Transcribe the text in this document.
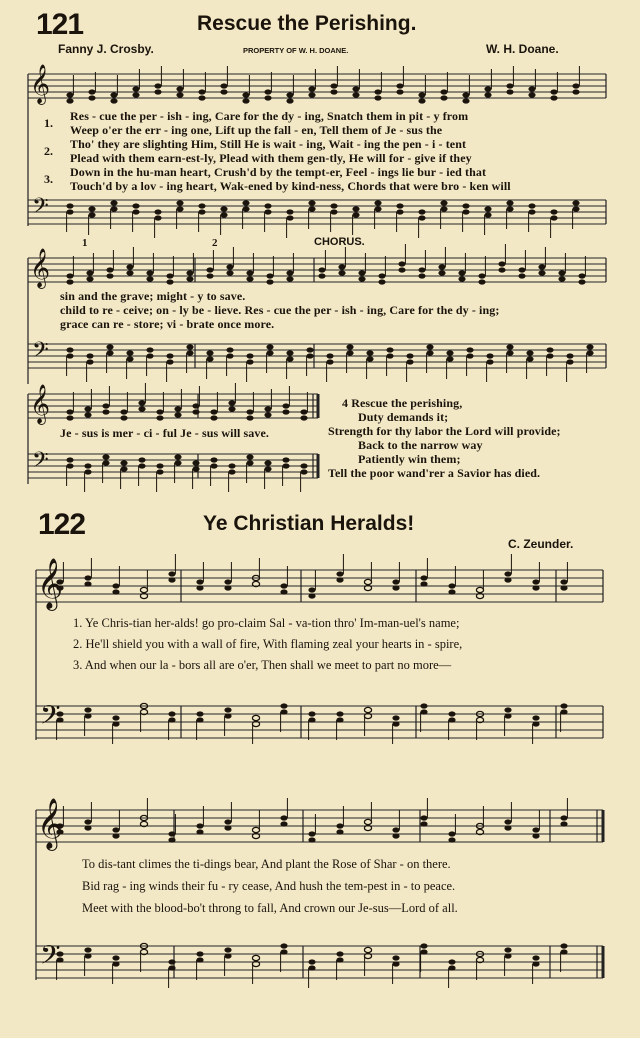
121	Rescue the Perishing.
Fanny J. Crosby.	PROPERTY OF W. H. DOANE.	W. H. Doane.
𝄞
𝄢
𝄞
𝄢
𝄞
𝄢
𝄞
𝄢
𝄞
𝄢
1.
2.
3.
Res - cue the per - ish - ing, Care for the dy - ing, Snatch them in pit - y from
Weep o'er the err - ing one, Lift up the fall - en, Tell them of Je - sus the
Tho' they are slighting Him, Still He is wait - ing, Wait - ing the pen - i - tent
Plead with them earn-est-ly, Plead with them gen-tly, He will for - give if they
Down in the hu-man heart, Crush'd by the tempt-er, Feel - ings lie bur - ied that
Touch'd by a lov - ing heart, Wak-ened by kind-ness, Chords that were bro - ken will
1	2	CHORUS.
sin and the grave; might - y to save.
child to re - ceive; on - ly be - lieve. Res - cue the per - ish - ing, Care for the dy - ing;
grace can re - store; vi - brate once more.
Je - sus is mer - ci - ful Je - sus will save.
4 Rescue the perishing,
Duty demands it;
Strength for thy labor the Lord will provide;
Back to the narrow way
Patiently win them;
Tell the poor wand'rer a Savior has died.
122	Ye Christian Heralds!
C. Zeunder.
1. Ye Chris-tian her-alds! go pro-claim Sal - va-tion thro' Im-man-uel's name;
2. He'll shield you with a wall of fire, With flaming zeal your hearts in - spire,
3. And when our la - bors all are o'er, Then shall we meet to part no more—
To dis-tant climes the ti-dings bear, And plant the Rose of Shar - on there.
Bid rag - ing winds their fu - ry cease, And hush the tem-pest in - to peace.
Meet with the blood-bo't throng to fall, And crown our Je-sus—Lord of all.
